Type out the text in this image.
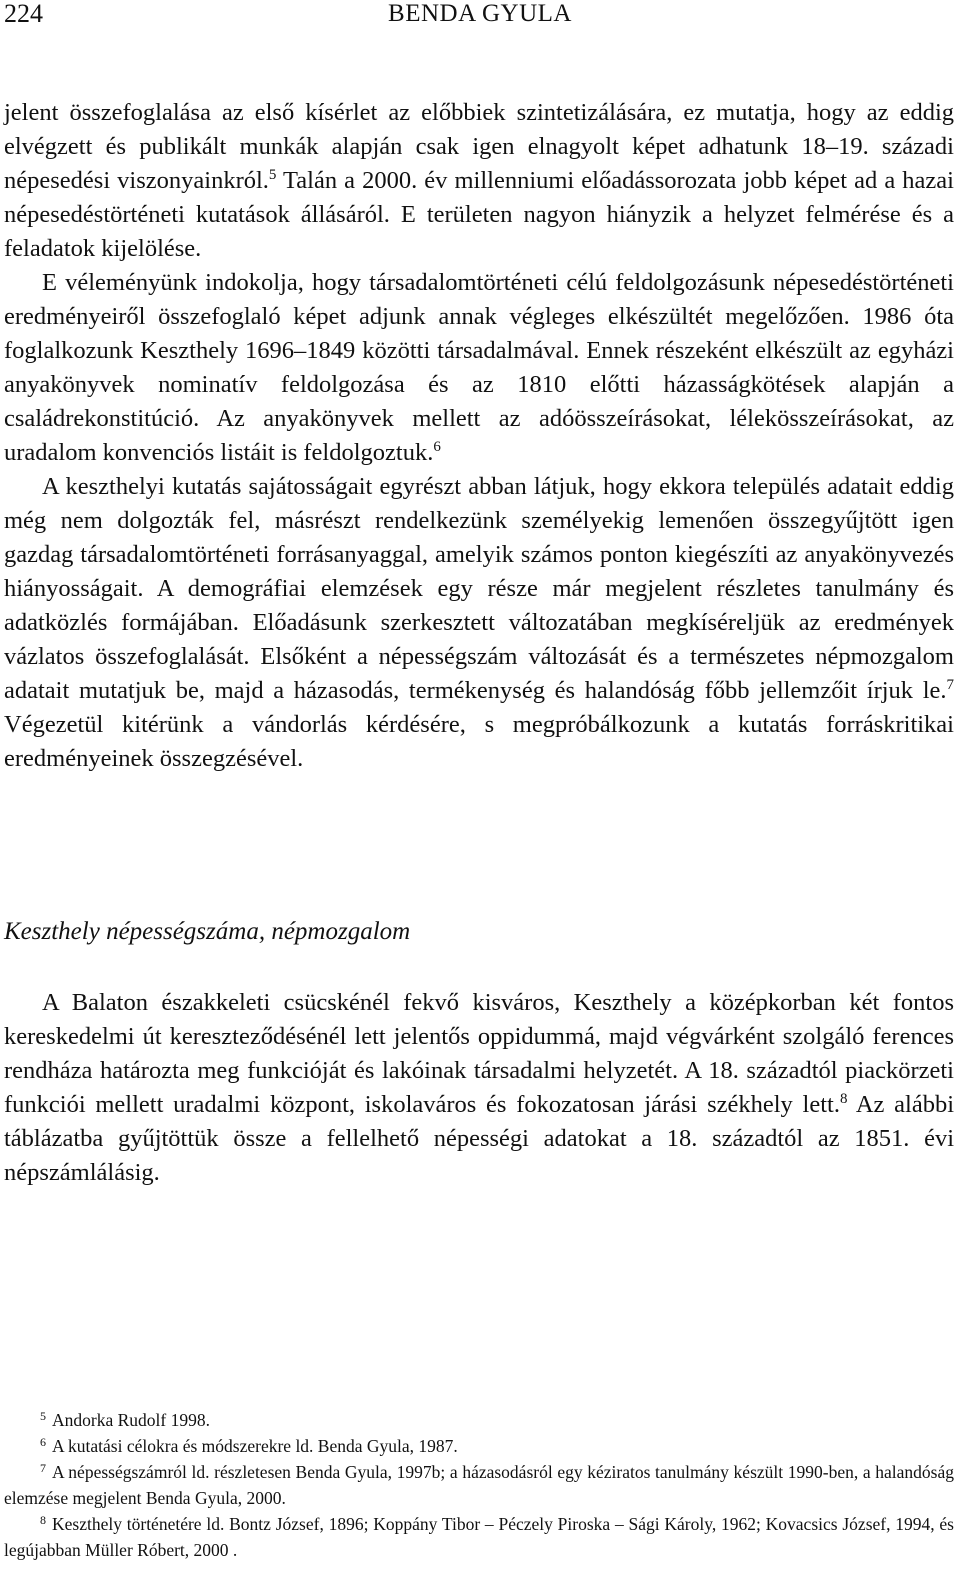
224	BENDA GYULA

jelent összefoglalása az első kísérlet az előbbiek szintetizálására, ez mutatja, hogy az eddig elvégzett és publikált munkák alapján csak igen elnagyolt képet adhatunk 18–19. századi népesedési viszonyainkról.$^5$ Talán a 2000. év millenniumi előadássorozata jobb képet ad a hazai népesedéstörténeti kutatások állásáról. E területen nagyon hiányzik a helyzet felmérése és a feladatok kijelölése.

E véleményünk indokolja, hogy társadalomtörténeti célú feldolgozásunk népesedéstörténeti eredményeiről összefoglaló képet adjunk annak végleges elkészültét megelőzően. 1986 óta foglalkozunk Keszthely 1696–1849 közötti társadalmával. Ennek részeként elkészült az egyházi anyakönyvek nominatív feldolgozása és az 1810 előtti házasságkötések alapján a családrekonstitúció. Az anyakönyvek mellett az adóösszeírásokat, lélekösszeírásokat, az uradalom konvenciós listáit is feldolgoztuk.$^6$

A keszthelyi kutatás sajátosságait egyrészt abban látjuk, hogy ekkora település adatait eddig még nem dolgozták fel, másrészt rendelkezünk személyekig lemenően összegyűjtött igen gazdag társadalomtörténeti forrásanyaggal, amelyik számos ponton kiegészíti az anyakönyvezés hiányosságait. A demográfiai elemzések egy része már megjelent részletes tanulmány és adatközlés formájában. Előadásunk szerkesztett változatában megkíséreljük az eredmények vázlatos összefoglalását. Elsőként a népességszám változását és a természetes népmozgalom adatait mutatjuk be, majd a házasodás, termékenység és halandóság főbb jellemzőit írjuk le.$^7$ Végezetül kitérünk a vándorlás kérdésére, s megpróbálkozunk a kutatás forráskritikai eredményeinek összegzésével.

Keszthely népességszáma, népmozgalom

A Balaton északkeleti csücskénél fekvő kisváros, Keszthely a középkorban két fontos kereskedelmi út kereszteződésénél lett jelentős oppidummá, majd végvárként szolgáló ferences rendháza határozta meg funkcióját és lakóinak társadalmi helyzetét. A 18. századtól piackörzeti funkciói mellett uradalmi központ, iskolaváros és fokozatosan járási székhely lett.$^8$ Az alábbi táblázatba gyűjtöttük össze a fellelhető népességi adatokat a 18. századtól az 1851. évi népszámlálásig.

$^5$ Andorka Rudolf 1998.

$^6$ A kutatási célokra és módszerekre ld. Benda Gyula, 1987.

$^7$ A népességszámról ld. részletesen Benda Gyula, 1997b; a házasodásról egy kéziratos tanulmány készült 1990-ben, a halandóság elemzése megjelent Benda Gyula, 2000.

$^8$ Keszthely történetére ld. Bontz József, 1896; Koppány Tibor – Péczely Piroska – Sági Károly, 1962; Kovacsics József, 1994, és legújabban Müller Róbert, 2000 .
